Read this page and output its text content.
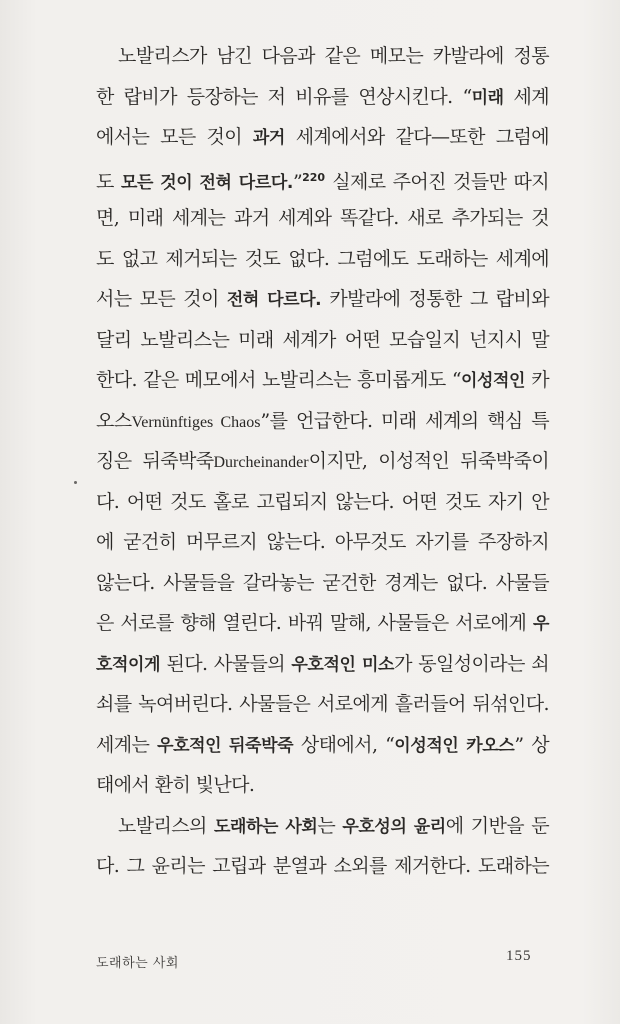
노발리스가 남긴 다음과 같은 메모는 카발라에 정통
한 랍비가 등장하는 저 비유를 연상시킨다. “미래 세계
에서는 모든 것이 과거 세계에서와 같다—또한 그럼에
도 모든 것이 전혀 다르다.”$^{220}$ 실제로 주어진 것들만 따지
면, 미래 세계는 과거 세계와 똑같다. 새로 추가되는 것
도 없고 제거되는 것도 없다. 그럼에도 도래하는 세계에
서는 모든 것이 전혀 다르다. 카발라에 정통한 그 랍비와
달리 노발리스는 미래 세계가 어떤 모습일지 넌지시 말
한다. 같은 메모에서 노발리스는 흥미롭게도 “이성적인 카
오스Vernünftiges Chaos”를 언급한다. 미래 세계의 핵심 특
징은 뒤죽박죽Durcheinander이지만, 이성적인 뒤죽박죽이
다. 어떤 것도 홀로 고립되지 않는다. 어떤 것도 자기 안
에 굳건히 머무르지 않는다. 아무것도 자기를 주장하지
않는다. 사물들을 갈라놓는 굳건한 경계는 없다. 사물들
은 서로를 향해 열린다. 바꿔 말해, 사물들은 서로에게 우
호적이게 된다. 사물들의 우호적인 미소가 동일성이라는 쇠
쇠를 녹여버린다. 사물들은 서로에게 흘러들어 뒤섞인다.
세계는 우호적인 뒤죽박죽 상태에서, “이성적인 카오스” 상
태에서 환히 빛난다.
노발리스의 도래하는 사회는 우호성의 윤리에 기반을 둔
다. 그 윤리는 고립과 분열과 소외를 제거한다. 도래하는
도래하는 사회	155
